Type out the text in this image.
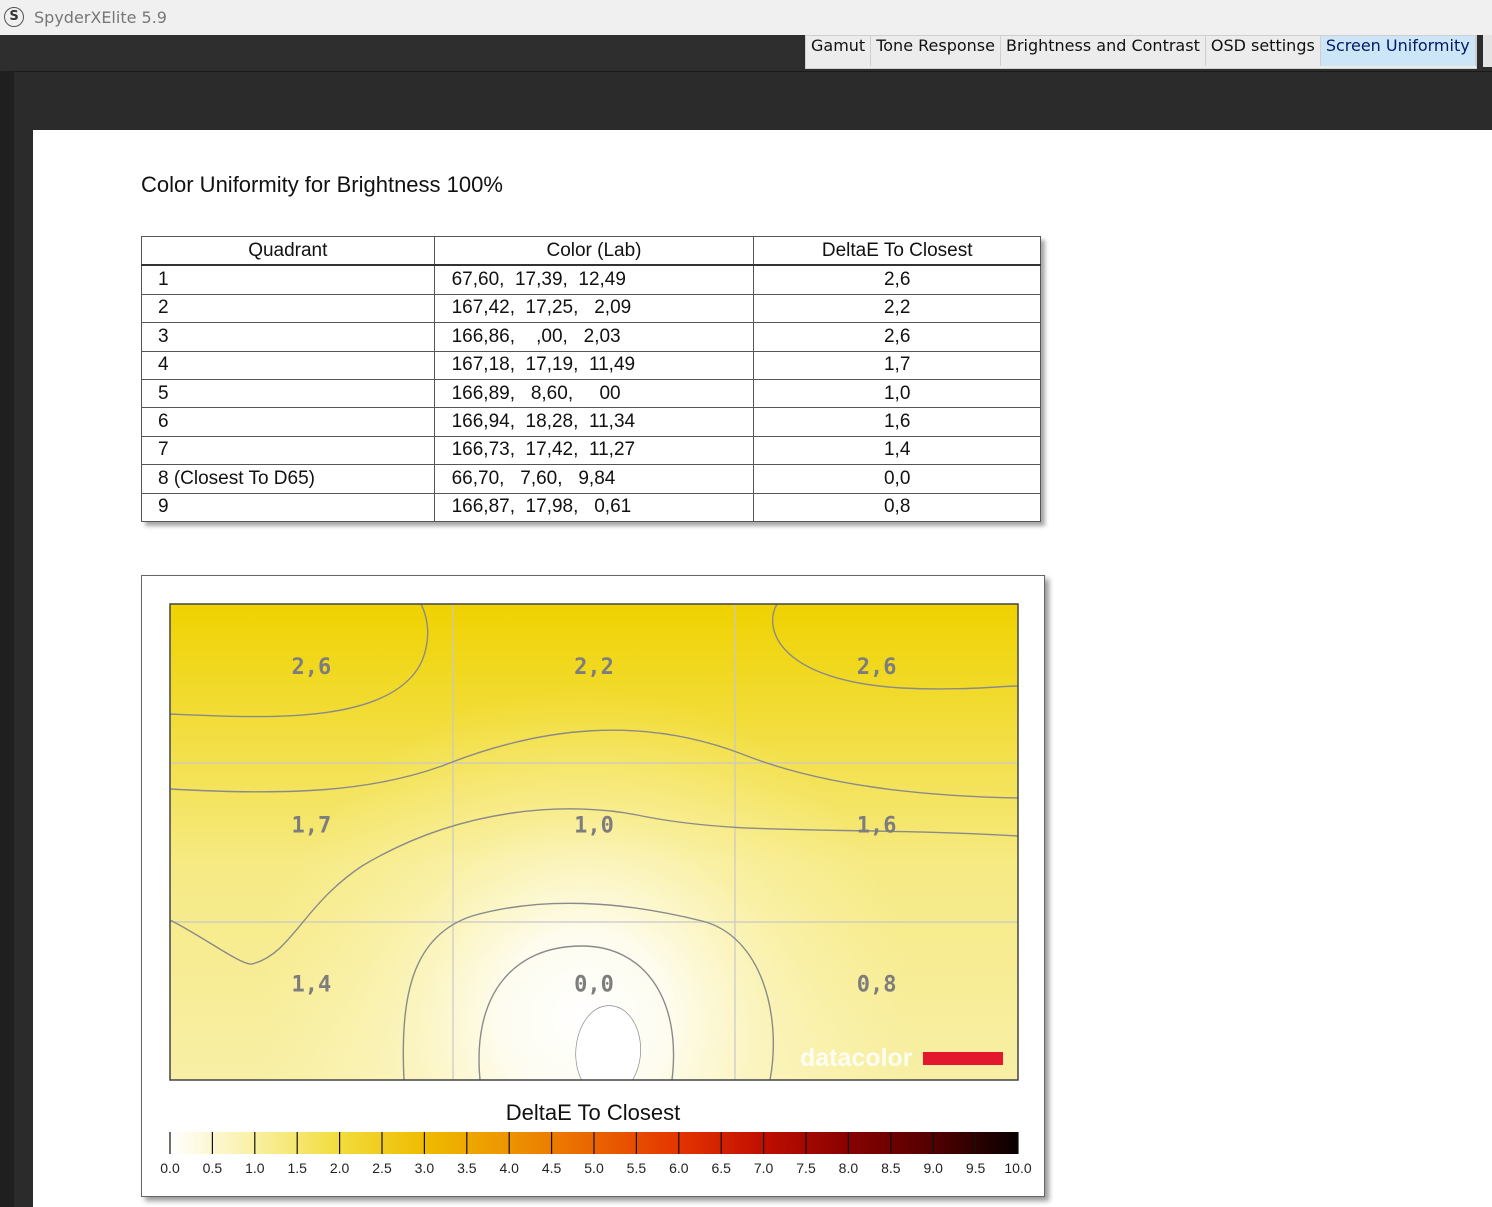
S SpyderXElite 5.9
Gamut Tone Response Brightness and Contrast OSD settings Screen Uniformity
Color Uniformity for Brightness 100%
Quadrant	Color (Lab)	DeltaE To Closest
1	67,60,  17,39,  12,49	2,6
2	167,42,  17,25,   2,09	2,2
3	166,86,    ,00,   2,03	2,6
4	167,18,  17,19,  11,49	1,7
5	166,89,   8,60,     00	1,0
6	166,94,  18,28,  11,34	1,6
7	166,73,  17,42,  11,27	1,4
8 (Closest To D65)	66,70,   7,60,   9,84	0,0
9	166,87,  17,98,   0,61	0,8
2,6	2,2	2,6
1,7	1,0	1,6
1,4	0,0	0,8
datacolor
0.0 0.5 1.0 1.5 2.0 2.5 3.0 3.5 4.0 4.5 5.0 5.5 6.0 6.5 7.0 7.5 8.0 8.5 9.0 9.5 10.0
DeltaE To Closest
